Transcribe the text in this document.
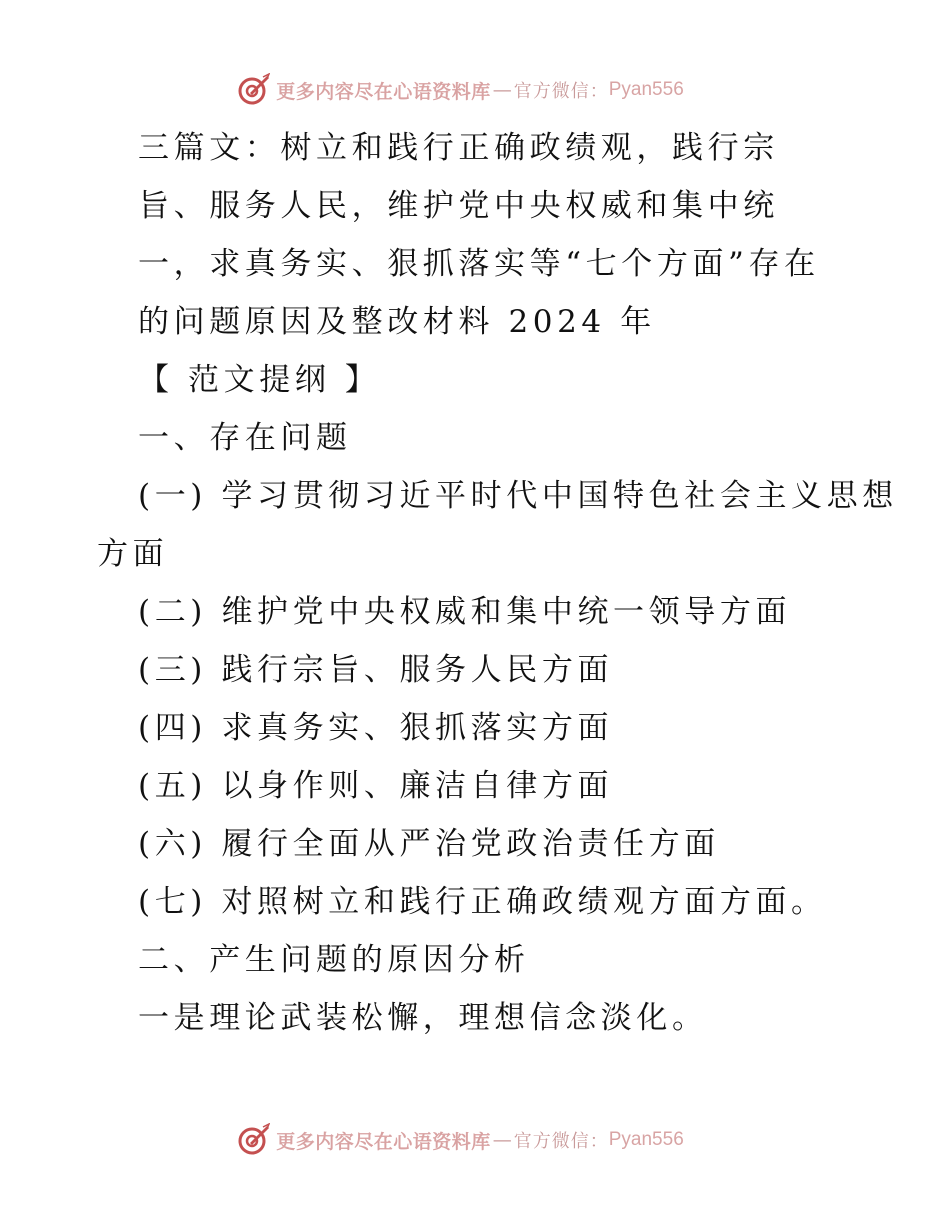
更多内容尽在心语资料库 — 官方微信： Pyan556
三篇文：树立和践行正确政绩观，践行宗
旨、服务人民，维护党中央权威和集中统
一，求真务实、狠抓落实等“七个方面”存在
的问题原因及整改材料 2024 年
【 范文提纲 】
一、存在问题
(一) 学习贯彻习近平时代中国特色社会主义思想
方面
(二) 维护党中央权威和集中统一领导方面
(三) 践行宗旨、服务人民方面
(四) 求真务实、狠抓落实方面
(五) 以身作则、廉洁自律方面
(六) 履行全面从严治党政治责任方面
(七) 对照树立和践行正确政绩观方面方面。
二、产生问题的原因分析
一是理论武装松懈，理想信念淡化。
更多内容尽在心语资料库 — 官方微信： Pyan556
